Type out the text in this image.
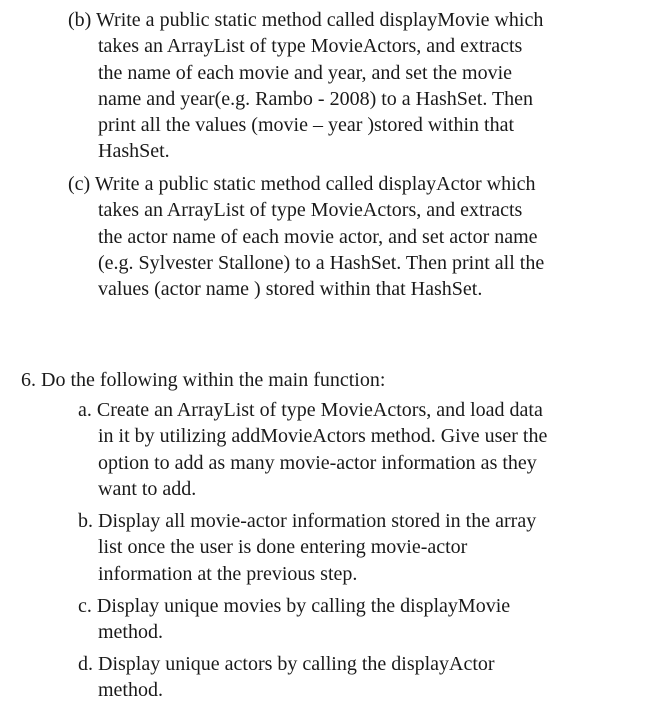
(b) Write a public static method called displayMovie which
takes an ArrayList of type MovieActors, and extracts
the name of each movie and year, and set the movie
name and year(e.g. Rambo - 2008) to a HashSet. Then
print all the values (movie – year )stored within that
HashSet.
(c) Write a public static method called displayActor which
takes an ArrayList of type MovieActors, and extracts
the actor name of each movie actor, and set actor name
(e.g. Sylvester Stallone) to a HashSet. Then print all the
values (actor name ) stored within that HashSet.
6. Do the following within the main function:
a. Create an ArrayList of type MovieActors, and load data
in it by utilizing addMovieActors method. Give user the
option to add as many movie-actor information as they
want to add.
b. Display all movie-actor information stored in the array
list once the user is done entering movie-actor
information at the previous step.
c. Display unique movies by calling the displayMovie
method.
d. Display unique actors by calling the displayActor
method.
